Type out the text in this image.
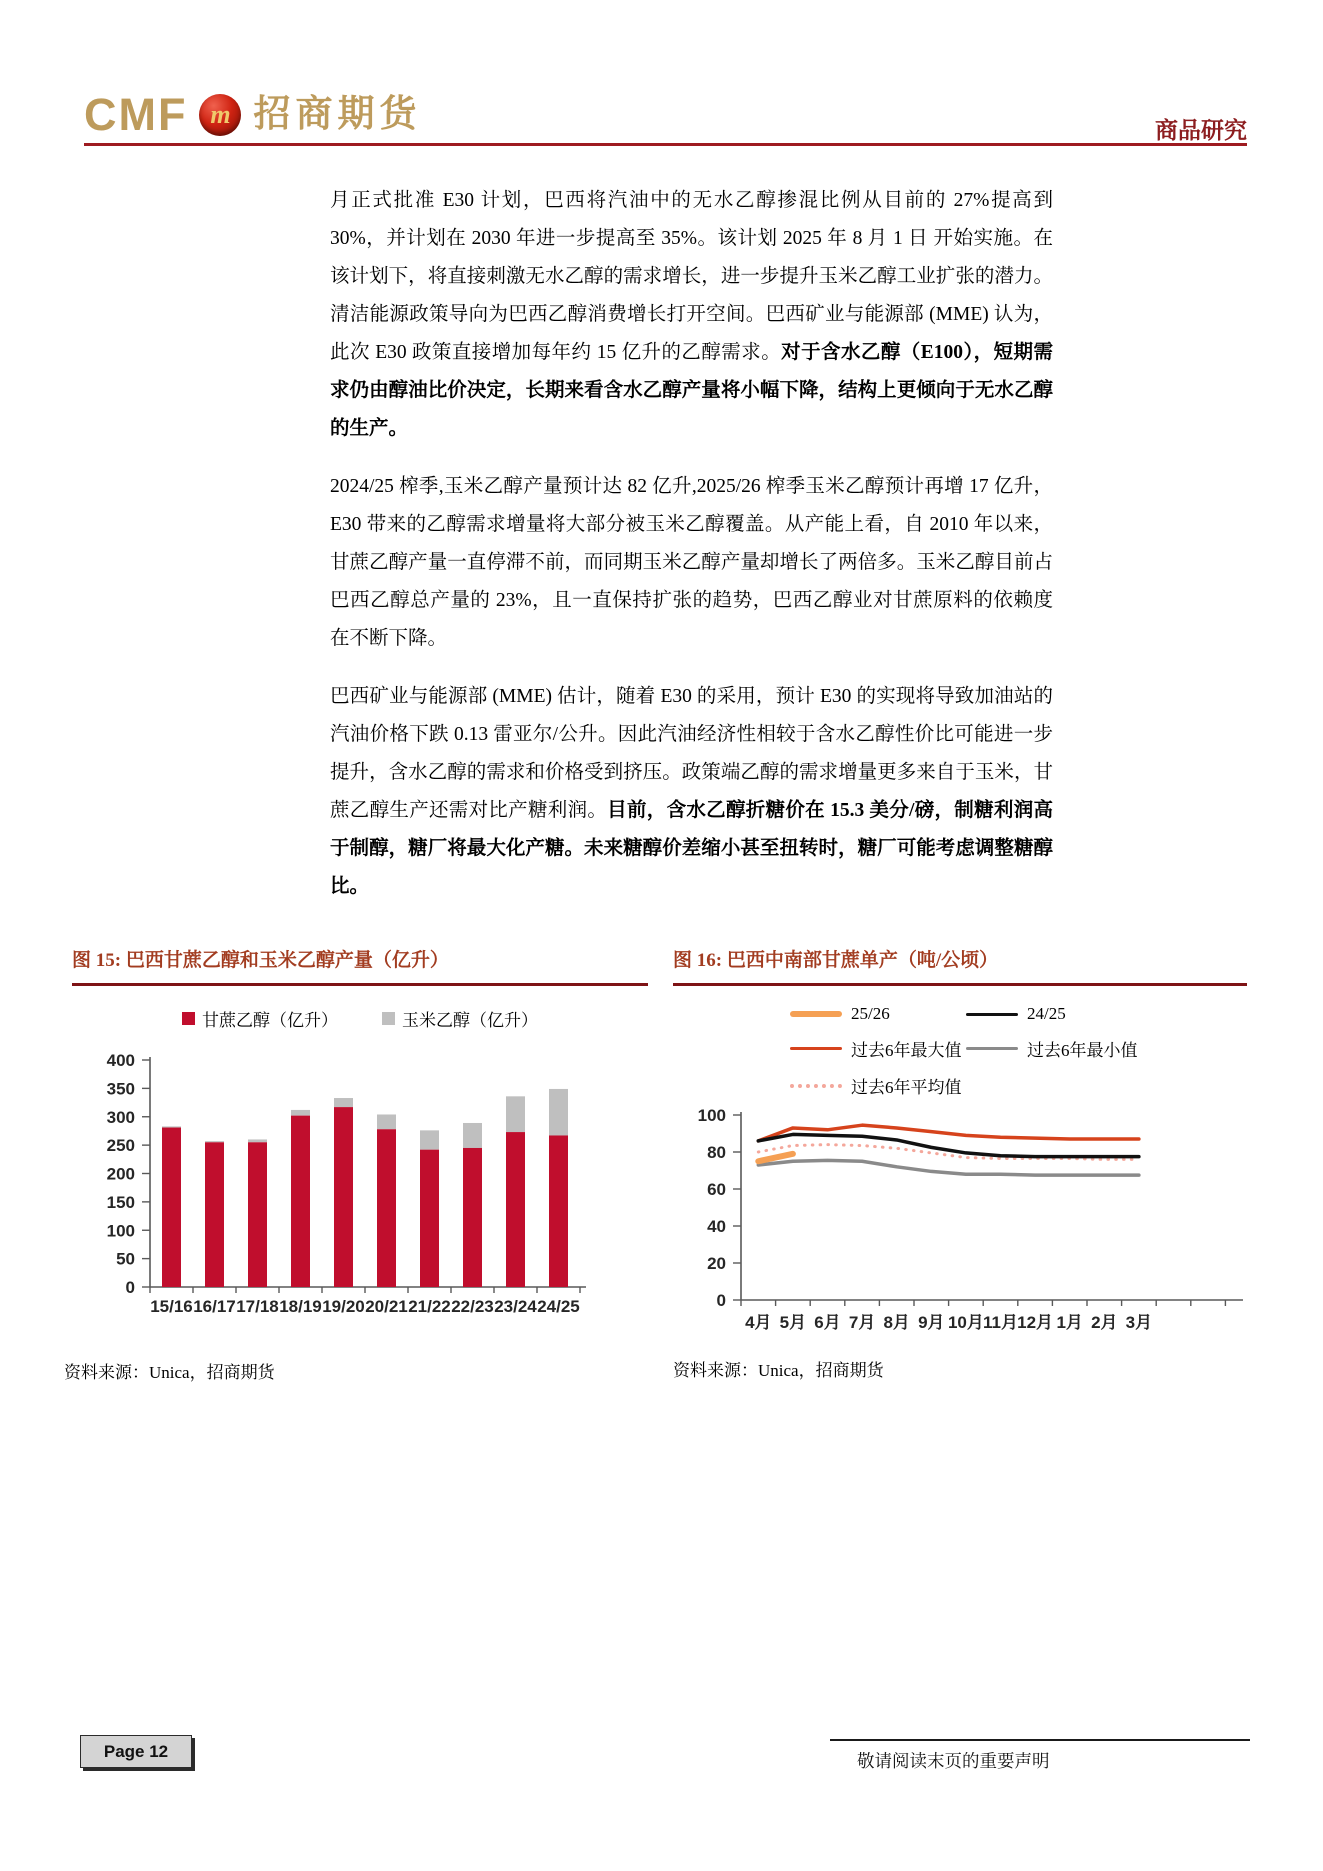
CMF m 招商期货	商品研究

月正式批准 E30 计划，巴西将汽油中的无水乙醇掺混比例从目前的 27%提高到 30%，并计划在 2030 年进一步提高至 35%。该计划 2025 年 8 月 1 日 开始实施。在该计划下，将直接刺激无水乙醇的需求增长，进一步提升玉米乙醇工业扩张的潜力。清洁能源政策导向为巴西乙醇消费增长打开空间。巴西矿业与能源部 (MME) 认为，此次 E30 政策直接增加每年约 15 亿升的乙醇需求。对于含水乙醇（E100），短期需求仍由醇油比价决定，长期来看含水乙醇产量将小幅下降，结构上更倾向于无水乙醇的生产。

2024/25 榨季,玉米乙醇产量预计达 82 亿升,2025/26 榨季玉米乙醇预计再增 17 亿升，E30 带来的乙醇需求增量将大部分被玉米乙醇覆盖。从产能上看，自 2010 年以来，甘蔗乙醇产量一直停滞不前，而同期玉米乙醇产量却增长了两倍多。玉米乙醇目前占巴西乙醇总产量的 23%，且一直保持扩张的趋势，巴西乙醇业对甘蔗原料的依赖度在不断下降。

巴西矿业与能源部 (MME) 估计，随着 E30 的采用，预计 E30 的实现将导致加油站的汽油价格下跌 0.13 雷亚尔/公升。因此汽油经济性相较于含水乙醇性价比可能进一步提升，含水乙醇的需求和价格受到挤压。政策端乙醇的需求增量更多来自于玉米，甘蔗乙醇生产还需对比产糖利润。目前，含水乙醇折糖价在 15.3 美分/磅，制糖利润高于制醇，糖厂将最大化产糖。未来糖醇价差缩小甚至扭转时，糖厂可能考虑调整糖醇比。

图 15: 巴西甘蔗乙醇和玉米乙醇产量（亿升）
甘蔗乙醇（亿升）	玉米乙醇（亿升）
0
50
100
150
200
250
300
350
400
15/16 16/17 17/18 18/19 19/20 20/21 21/22 22/23 23/24 24/25
图 16: 巴西中南部甘蔗单产（吨/公顷）
25/26	24/25
过去6年最大值	过去6年最小值
过去6年平均值
0
20
40
60
80
100
4月 5月 6月 7月 8月 9月 10月 11月 12月 1月 2月 3月
资料来源：Unica，招商期货	资料来源：Unica，招商期货
Page 12	敬请阅读末页的重要声明
